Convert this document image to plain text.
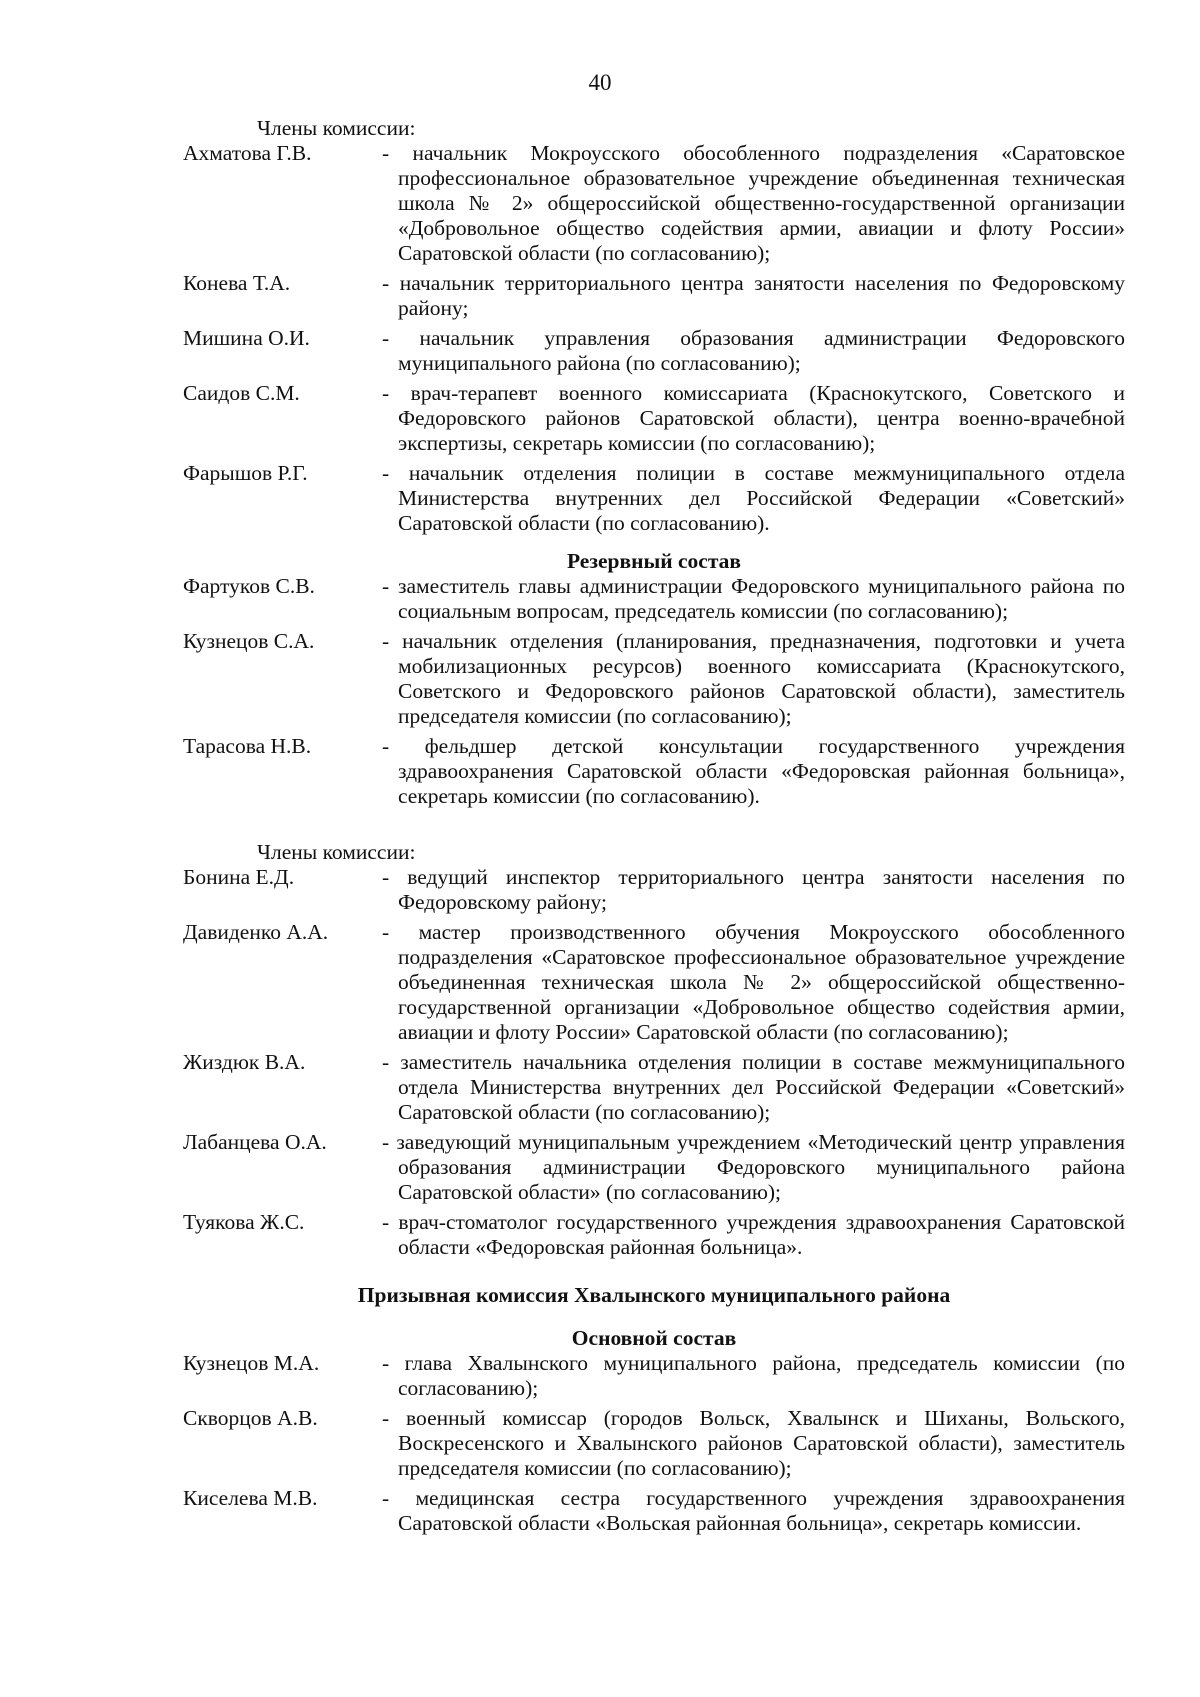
40

Члены комиссии:

Ахматова Г.В.	- начальник Мокроусского обособленного подразделения «Саратовское профессиональное образовательное учреждение объединенная техническая школа № 2» общероссийской общественно-государственной организации «Добровольное общество содействия армии, авиации и флоту России» Саратовской области (по согласованию);
Конева Т.А.	- начальник территориального центра занятости населения по Федоровскому району;
Мишина О.И.	- начальник управления образования администрации Федоровского муниципального района (по согласованию);
Саидов С.М.	- врач-терапевт военного комиссариата (Краснокутского, Советского и Федоровского районов Саратовской области), центра военно-врачебной экспертизы, секретарь комиссии (по согласованию);
Фарышов Р.Г.	- начальник отделения полиции в составе межмуниципального отдела Министерства внутренних дел Российской Федерации «Советский» Саратовской области (по согласованию).

Резервный состав

Фартуков С.В.	- заместитель главы администрации Федоровского муниципального района по социальным вопросам, председатель комиссии (по согласованию);
Кузнецов С.А.	- начальник отделения (планирования, предназначения, подготовки и учета мобилизационных ресурсов) военного комиссариата (Краснокутского, Советского и Федоровского районов Саратовской области), заместитель председателя комиссии (по согласованию);
Тарасова Н.В.	- фельдшер детской консультации государственного учреждения здравоохранения Саратовской области «Федоровская районная больница», секретарь комиссии (по согласованию).

Члены комиссии:

Бонина Е.Д.	- ведущий инспектор территориального центра занятости населения по Федоровскому району;
Давиденко А.А.	- мастер производственного обучения Мокроусского обособленного подразделения «Саратовское профессиональное образовательное учреждение объединенная техническая школа № 2» общероссийской общественно-государственной организации «Добровольное общество содействия армии, авиации и флоту России» Саратовской области (по согласованию);
Жиздюк В.А.	- заместитель начальника отделения полиции в составе межмуниципального отдела Министерства внутренних дел Российской Федерации «Советский» Саратовской области (по согласованию);
Лабанцева О.А.	- заведующий муниципальным учреждением «Методический центр управления образования администрации Федоровского муниципального района Саратовской области» (по согласованию);
Туякова Ж.С.	- врач-стоматолог государственного учреждения здравоохранения Саратовской области «Федоровская районная больница».

Призывная комиссия Хвалынского муниципального района

Основной состав

Кузнецов М.А.	- глава Хвалынского муниципального района, председатель комиссии (по согласованию);
Скворцов А.В.	- военный комиссар (городов Вольск, Хвалынск и Шиханы, Вольского, Воскресенского и Хвалынского районов Саратовской области), заместитель председателя комиссии (по согласованию);
Киселева М.В.	- медицинская сестра государственного учреждения здравоохранения Саратовской области «Вольская районная больница», секретарь комиссии.
